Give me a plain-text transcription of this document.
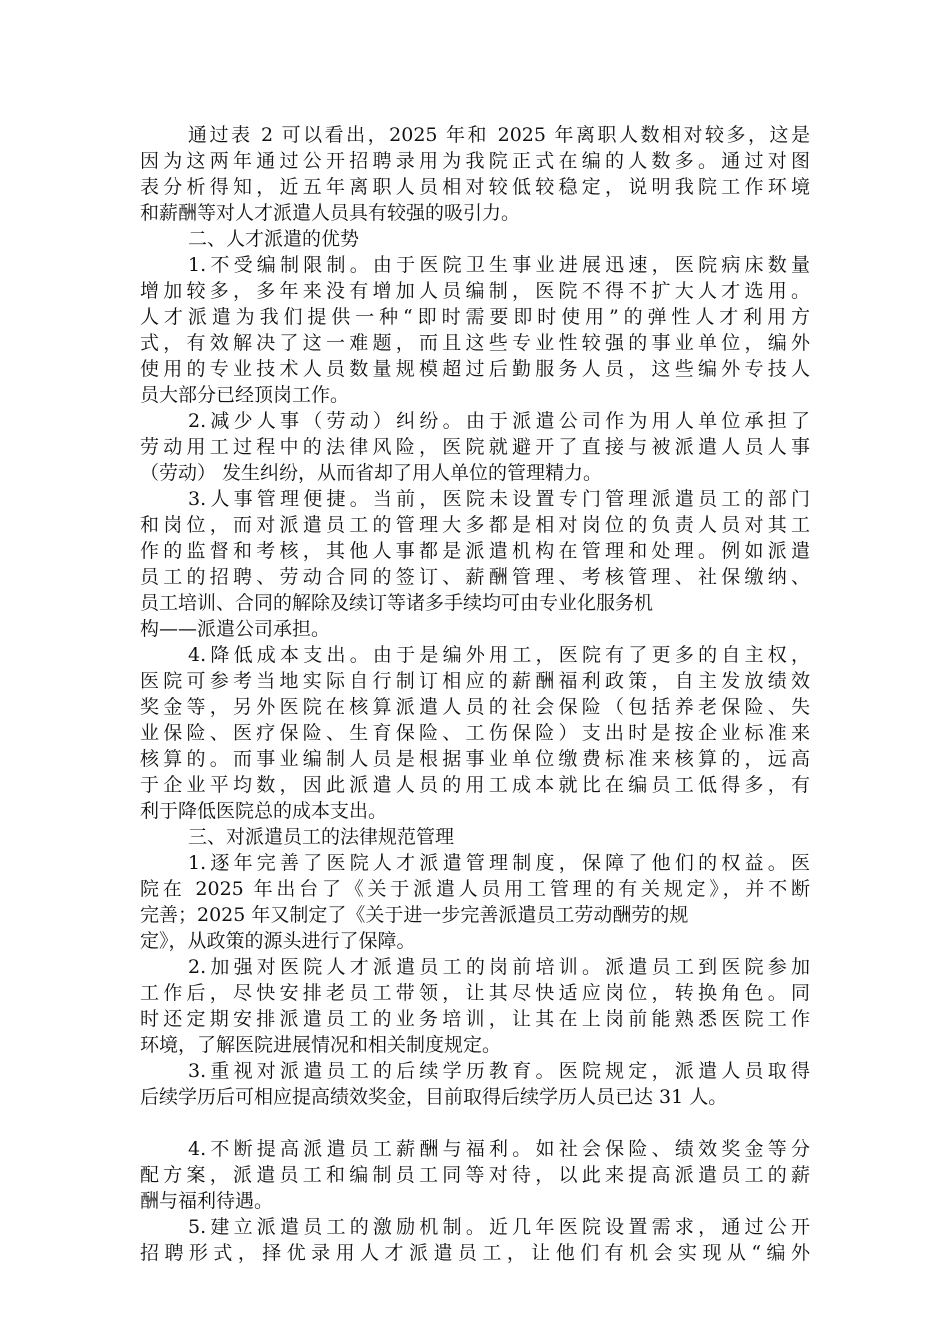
通过表 2 可以看出，2025 年和 2025 年离职人数相对较多，这是
因为这两年通过公开招聘录用为我院正式在编的人数多。通过对图
表分析得知，近五年离职人员相对较低较稳定，说明我院工作环境
和薪酬等对人才派遣人员具有较强的吸引力。
二、人才派遣的优势
1.不受编制限制。由于医院卫生事业进展迅速，医院病床数量
增加较多，多年来没有增加人员编制，医院不得不扩大人才选用。
人才派遣为我们提供一种“即时需要即时使用”的弹性人才利用方
式，有效解决了这一难题，而且这些专业性较强的事业单位，编外
使用的专业技术人员数量规模超过后勤服务人员，这些编外专技人
员大部分已经顶岗工作。
2.减少人事（劳动）纠纷。由于派遣公司作为用人单位承担了
劳动用工过程中的法律风险，医院就避开了直接与被派遣人员人事
（劳动） 发生纠纷，从而省却了用人单位的管理精力。
3.人事管理便捷。当前，医院未设置专门管理派遣员工的部门
和岗位，而对派遣员工的管理大多都是相对岗位的负责人员对其工
作的监督和考核，其他人事都是派遣机构在管理和处理。例如派遣
员工的招聘、劳动合同的签订、薪酬管理、考核管理、社保缴纳、
员工培训、合同的解除及续订等诸多手续均可由专业化服务机
构——派遣公司承担。
4.降低成本支出。由于是编外用工，医院有了更多的自主权，
医院可参考当地实际自行制订相应的薪酬福利政策，自主发放绩效
奖金等，另外医院在核算派遣人员的社会保险（包括养老保险、失
业保险、医疗保险、生育保险、工伤保险）支出时是按企业标准来
核算的。而事业编制人员是根据事业单位缴费标准来核算的，远高
于企业平均数，因此派遣人员的用工成本就比在编员工低得多，有
利于降低医院总的成本支出。
三、对派遣员工的法律规范管理
1.逐年完善了医院人才派遣管理制度，保障了他们的权益。医
院在 2025 年出台了《关于派遣人员用工管理的有关规定》，并不断
完善；2025 年又制定了《关于进一步完善派遣员工劳动酬劳的规
定》，从政策的源头进行了保障。
2.加强对医院人才派遣员工的岗前培训。派遣员工到医院参加
工作后，尽快安排老员工带领，让其尽快适应岗位，转换角色。同
时还定期安排派遣员工的业务培训，让其在上岗前能熟悉医院工作
环境，了解医院进展情况和相关制度规定。
3.重视对派遣员工的后续学历教育。医院规定，派遣人员取得
后续学历后可相应提高绩效奖金，目前取得后续学历人员已达 31 人。
4.不断提高派遣员工薪酬与福利。如社会保险、绩效奖金等分
配方案，派遣员工和编制员工同等对待，以此来提高派遣员工的薪
酬与福利待遇。
5.建立派遣员工的激励机制。近几年医院设置需求，通过公开
招聘形式，择优录用人才派遣员工，让他们有机会实现从“编外
